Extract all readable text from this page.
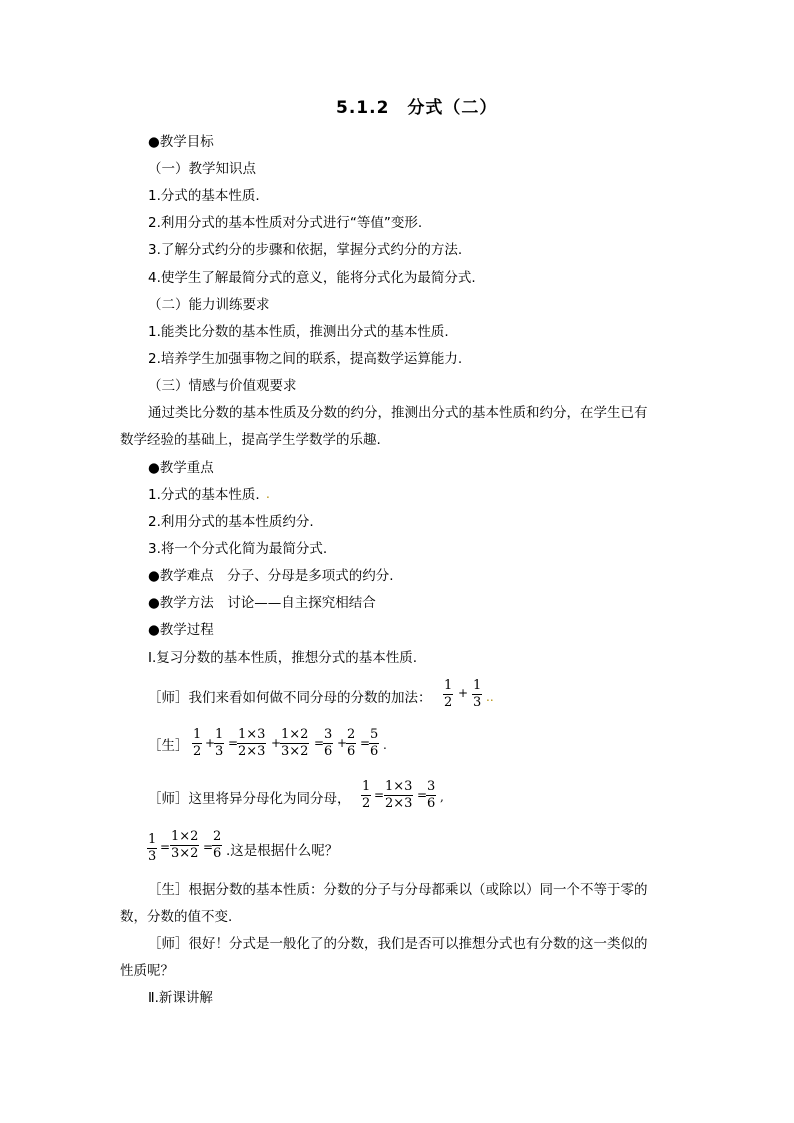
5.1.2　分式（二）
●教学目标
（一）教学知识点
1.分式的基本性质.
2.利用分式的基本性质对分式进行“等值”变形.
3.了解分式约分的步骤和依据，掌握分式约分的方法.
4.使学生了解最简分式的意义，能将分式化为最简分式.
（二）能力训练要求
1.能类比分数的基本性质，推测出分式的基本性质.
2.培养学生加强事物之间的联系，提高数学运算能力.
（三）情感与价值观要求
通过类比分数的基本性质及分数的约分，推测出分式的基本性质和约分，在学生已有
数学经验的基础上，提高学生学数学的乐趣.
●教学重点
1.分式的基本性质. .
2.利用分式的基本性质约分.
3.将一个分式化简为最简分式.
●教学难点　分子、分母是多项式的约分.
●教学方法　讨论——自主探究相结合
●教学过程
Ⅰ.复习分数的基本性质，推想分式的基本性质.
［师］我们来看如何做不同分母的分数的加法： $\frac{1}{2} + \frac{1}{3}$ ..
［生］ $\frac{1}{2}$ +
$\frac{1}{3}$ =
$\frac{1\times 3}{2\times 3}$ +
$\frac{1\times 2}{3\times 2}$ =
$\frac{3}{6}$ +
$\frac{2}{6}$ =
$\frac{5}{6}$ .
［师］这里将异分母化为同分母， $\frac{1}{2} = \frac{1\times 3}{2\times 3}$ =
$\frac{3}{6}$ ,
$\frac{1}{3} = \frac{1\times 2}{3\times 2}$ =
$\frac{2}{6}$ .这是根据什么呢？
［生］根据分数的基本性质：分数的分子与分母都乘以（或除以）同一个不等于零的
数，分数的值不变.
［师］很好！分式是一般化了的分数，我们是否可以推想分式也有分数的这一类似的
性质呢？
Ⅱ.新课讲解
